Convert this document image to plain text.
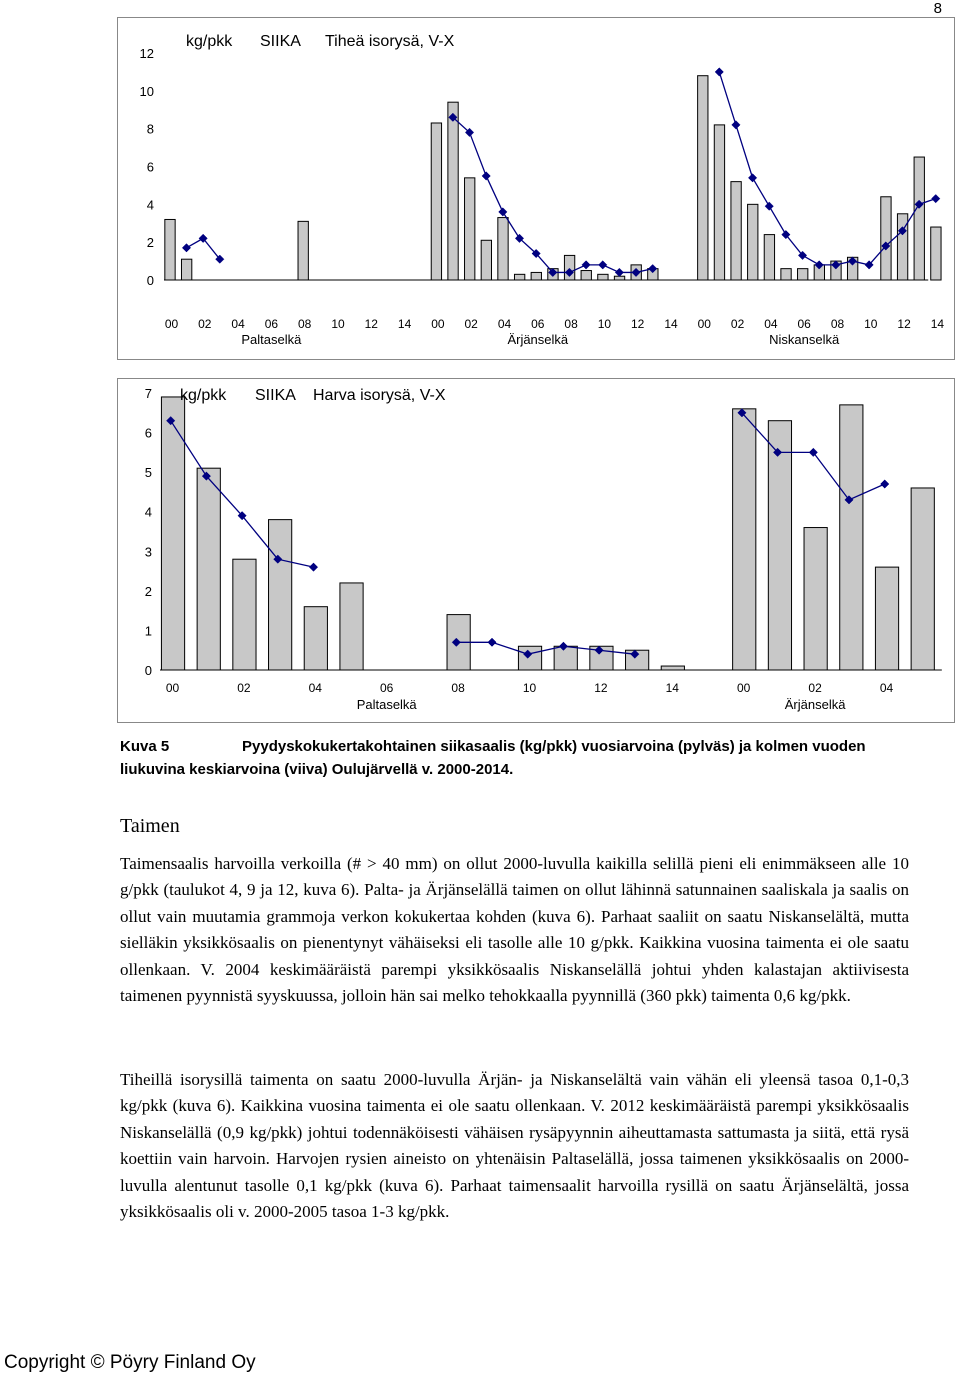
8
0
2
4
6
8
10
12
00 02 04 06 08 10 12 14 00 02 04 06 08 10 12 14 00 02 04 06 08 10 12 14
Paltaselkä	Ärjänselkä	Niskanselkä
kg/pkk SIIKA Tiheä isorysä, V-X
0
1
2
3
4
5
6
7
00	02	04	06	08	10	12	14	00	02	04
Paltaselkä	Ärjänselkä
kg/pkk SIIKA Harva isorysä, V-X
Kuva 5	Pyydyskokukertakohtainen siikasaalis (kg/pkk) vuosiarvoina (pylväs) ja kolmen vuoden liukuvina keskiarvoina (viiva) Oulujärvellä v. 2000-2014.
Taimen

Taimensaalis harvoilla verkoilla (# > 40 mm) on ollut 2000-luvulla kaikilla selillä pieni eli enimmäkseen alle 10 g/pkk (taulukot 4, 9 ja 12, kuva 6). Palta- ja Ärjänselällä taimen on ollut lähinnä satunnainen saaliskala ja saalis on ollut vain muutamia grammoja verkon kokukertaa kohden (kuva 6). Parhaat saaliit on saatu Niskanselältä, mutta sielläkin yksikkösaalis on pienentynyt vähäiseksi eli tasolle alle 10 g/pkk. Kaikkina vuosina taimenta ei ole saatu ollenkaan. V. 2004 keskimääräistä parempi yksikkösaalis Niskanselällä johtui yhden kalastajan aktiivisesta taimenen pyynnistä syyskuussa, jolloin hän sai melko tehokkaalla pyynnillä (360 pkk) taimenta 0,6 kg/pkk.

Tiheillä isorysillä taimenta on saatu 2000-luvulla Ärjän- ja Niskanselältä vain vähän eli yleensä tasoa 0,1-0,3 kg/pkk (kuva 6). Kaikkina vuosina taimenta ei ole saatu ollenkaan. V. 2012 keskimääräistä parempi yksikkösaalis Niskanselällä (0,9 kg/pkk) johtui todennäköisesti vähäisen rysäpyynnin aiheuttamasta sattumasta ja siitä, että rysä koettiin vain harvoin. Harvojen rysien aineisto on yhtenäisin Paltaselällä, jossa taimenen yksikkösaalis on 2000-luvulla alentunut tasolle 0,1 kg/pkk (kuva 6). Parhaat taimensaalit harvoilla rysillä on saatu Ärjänselältä, jossa yksikkösaalis oli v. 2000-2005 tasoa 1-3 kg/pkk.

Copyright © Pöyry Finland Oy
